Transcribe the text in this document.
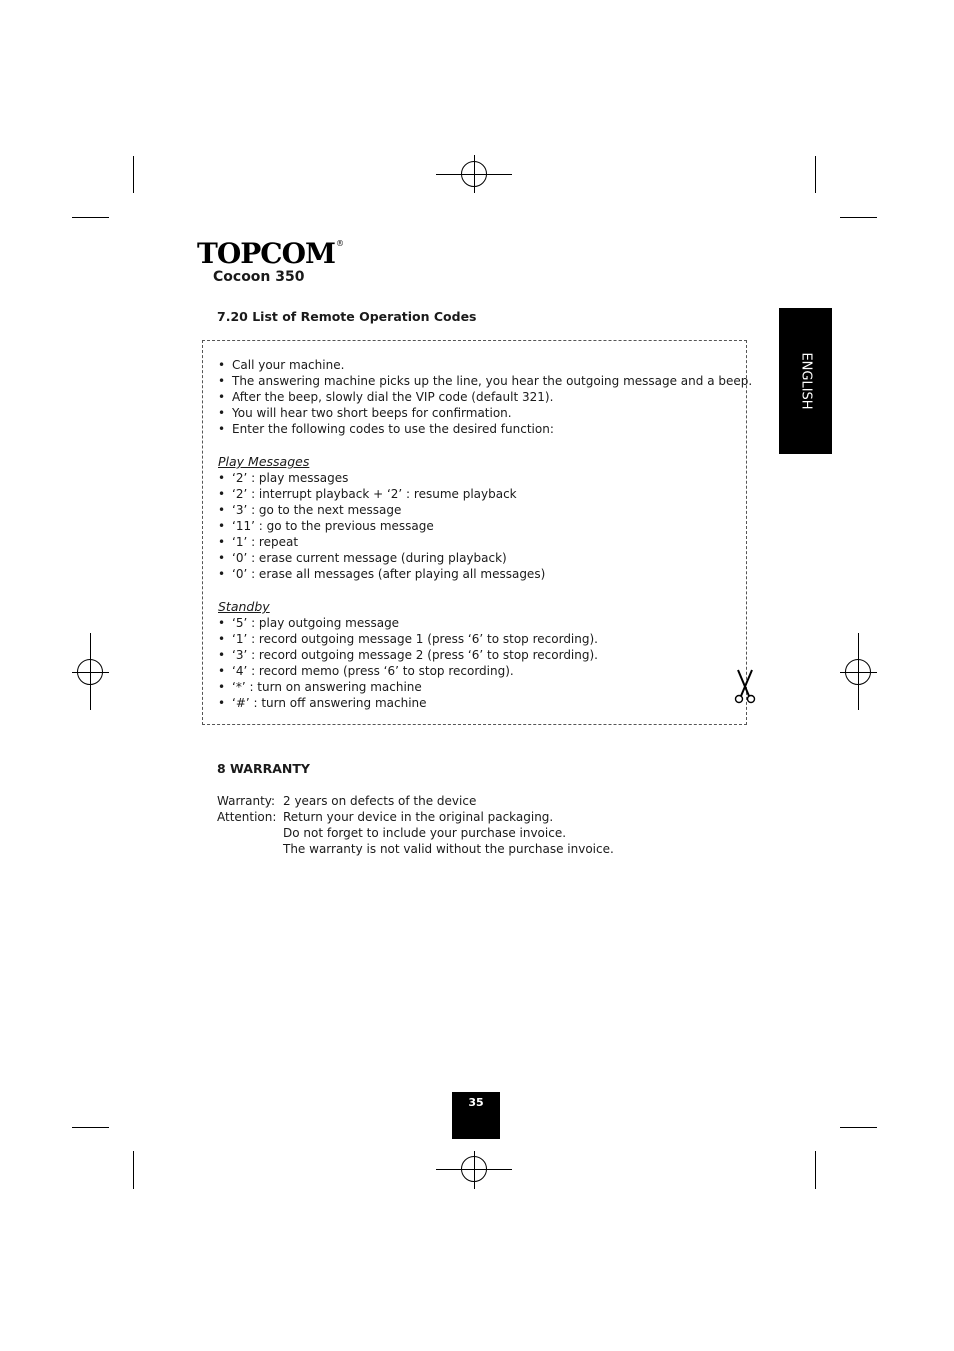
TOPCOM®
Cocoon 350
ENGLISH
7.20 List of Remote Operation Codes
• Call your machine.
• The answering machine picks up the line, you hear the outgoing message and a beep.
• After the beep, slowly dial the VIP code (default 321).
• You will hear two short beeps for confirmation.
• Enter the following codes to use the desired function:
Play Messages
• ‘2’ : play messages
• ‘2’ : interrupt playback + ‘2’ : resume playback
• ‘3’ : go to the next message
• ‘11’ : go to the previous message
• ‘1’ : repeat
• ‘0’ : erase current message (during playback)
• ‘0’ : erase all messages (after playing all messages)
Standby
• ‘5’ : play outgoing message
• ‘1’ : record outgoing message 1 (press ‘6’ to stop recording).
• ‘3’ : record outgoing message 2 (press ‘6’ to stop recording).
• ‘4’ : record memo (press ‘6’ to stop recording).
• ‘*’ : turn on answering machine
• ‘#’ : turn off answering machine
8 WARRANTY
Warranty: 2 years on defects of the device
Attention: Return your device in the original packaging.
Do not forget to include your purchase invoice.
The warranty is not valid without the purchase invoice.
35
